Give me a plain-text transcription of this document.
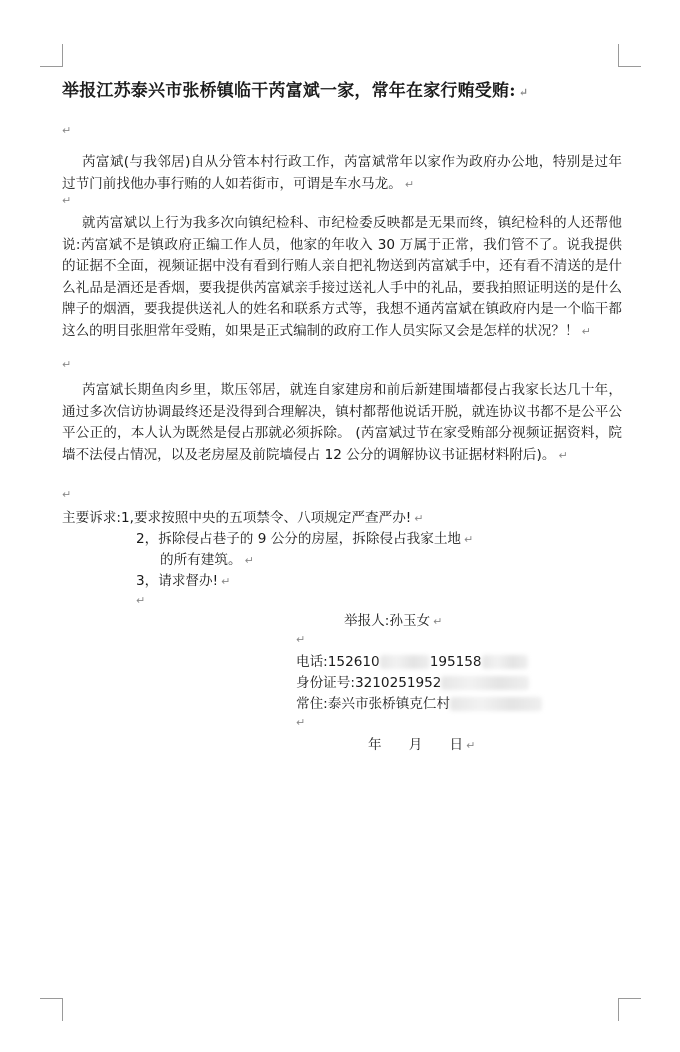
举报江苏泰兴市张桥镇临干芮富斌一家，常年在家行贿受贿: ↵
↵

芮富斌(与我邻居)自从分管本村行政工作，芮富斌常年以家作为政府办公地，特别是过年过节门前找他办事行贿的人如若街市，可谓是车水马龙。 ↵

↵

就芮富斌以上行为我多次向镇纪检科、市纪检委反映都是无果而终，镇纪检科的人还帮他说:芮富斌不是镇政府正编工作人员，他家的年收入 30 万属于正常，我们管不了。说我提供的证据不全面，视频证据中没有看到行贿人亲自把礼物送到芮富斌手中，还有看不清送的是什么礼品是酒还是香烟，要我提供芮富斌亲手接过送礼人手中的礼品，要我拍照证明送的是什么牌子的烟酒，要我提供送礼人的姓名和联系方式等，我想不通芮富斌在镇政府内是一个临干都这么的明目张胆常年受贿，如果是正式编制的政府工作人员实际又会是怎样的状况？！ ↵

↵

芮富斌长期鱼肉乡里，欺压邻居，就连自家建房和前后新建围墙都侵占我家长达几十年，通过多次信访协调最终还是没得到合理解决，镇村都帮他说话开脱，就连协议书都不是公平公平公正的，本人认为既然是侵占那就必须拆除。 (芮富斌过节在家受贿部分视频证据资料，院墙不法侵占情况，以及老房屋及前院墙侵占 12 公分的调解协议书证据材料附后)。 ↵

↵
主要诉求:1,要求按照中央的五项禁令、八项规定严查严办! ↵
2，拆除侵占巷子的 9 公分的房屋，拆除侵占我家土地 ↵
的所有建筑。 ↵
3，请求督办! ↵
↵
举报人:孙玉女 ↵
↵
电话:152610	195158
身份证号:3210251952
常住:泰兴市张桥镇克仁村
↵
年　　月　　日 ↵
